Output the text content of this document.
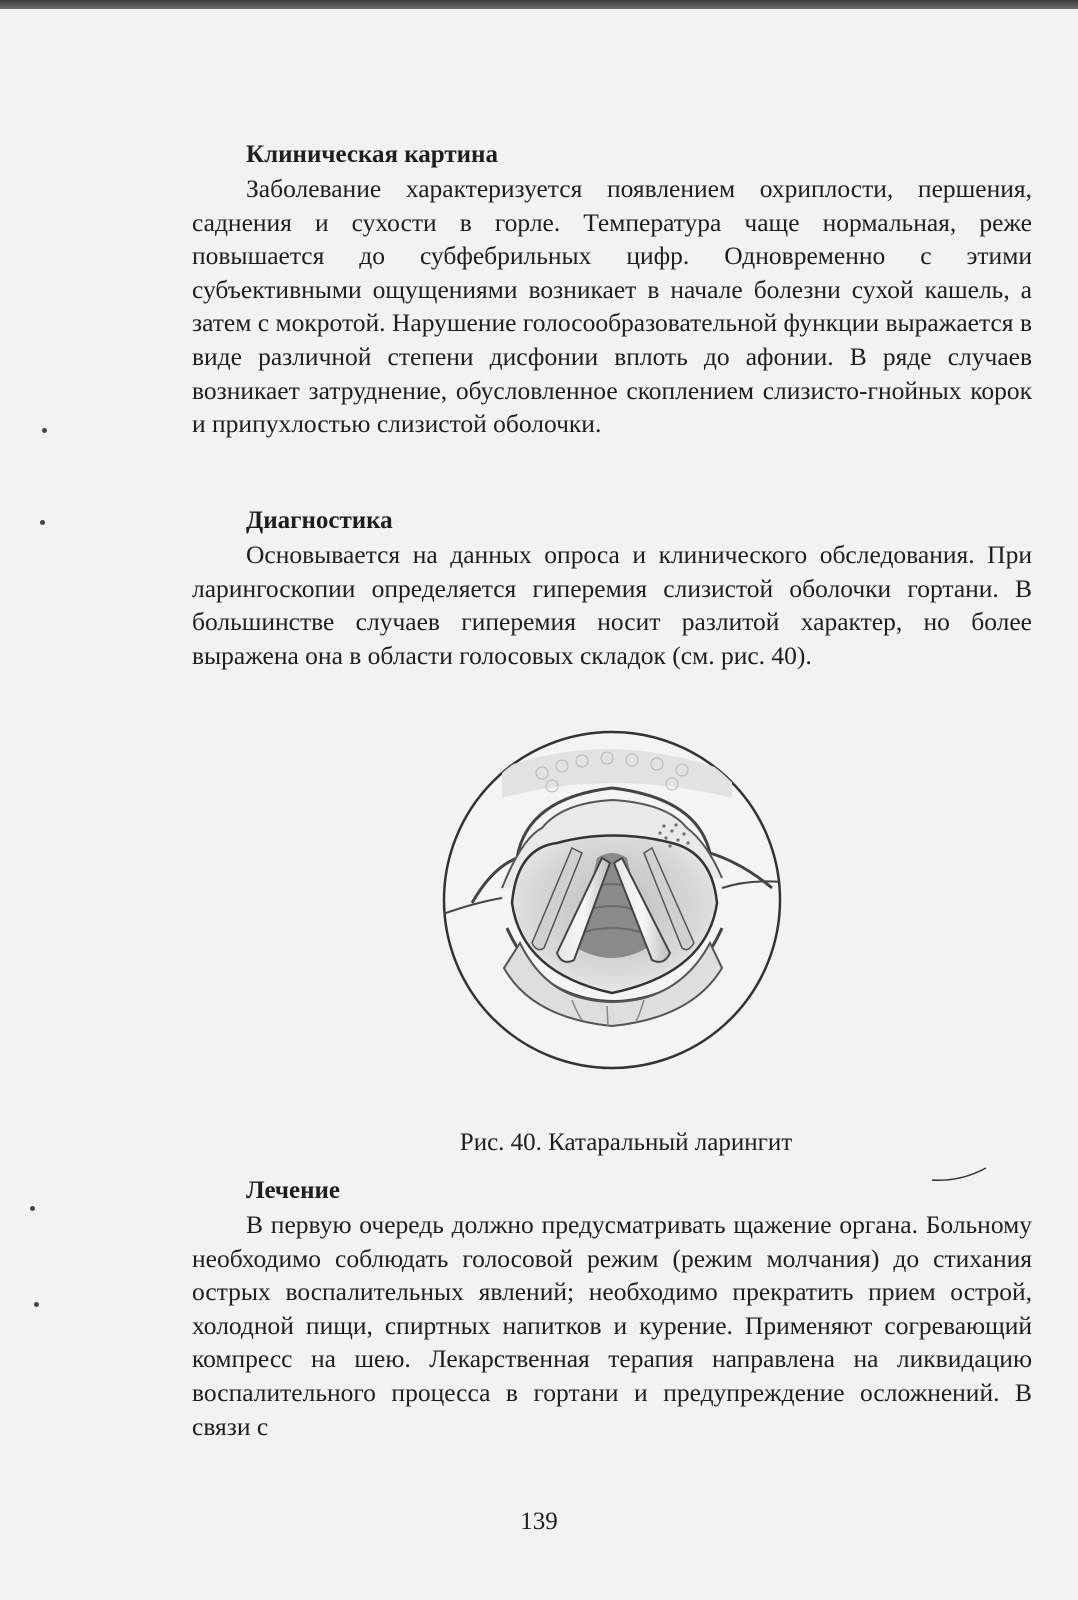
Клиническая картина

Заболевание характеризуется появлением охриплости, першения, саднения и сухости в горле. Температура чаще нормальная, реже повышается до субфебрильных цифр. Одновременно с этими субъективными ощущениями возникает в начале болезни сухой кашель, а затем с мокротой. Нарушение голосообразовательной функции выражается в виде различной степени дисфонии вплоть до афонии. В ряде случаев возникает затруднение, обусловленное скоплением слизисто-гнойных корок и припухлостью слизистой оболочки.

Диагностика

Основывается на данных опроса и клинического обследования. При ларингоскопии определяется гиперемия слизистой оболочки гортани. В большинстве случаев гиперемия носит разлитой характер, но более выражена она в области голосовых складок (см. рис. 40).

Рис. 40. Катаральный ларингит

Лечение

В первую очередь должно предусматривать щажение органа. Больному необходимо соблюдать голосовой режим (режим молчания) до стихания острых воспалительных явлений; необходимо прекратить прием острой, холодной пищи, спиртных напитков и курение. Применяют согревающий компресс на шею. Лекарственная терапия направлена на ликвидацию воспалительного процесса в гортани и предупреждение осложнений. В связи с

139
